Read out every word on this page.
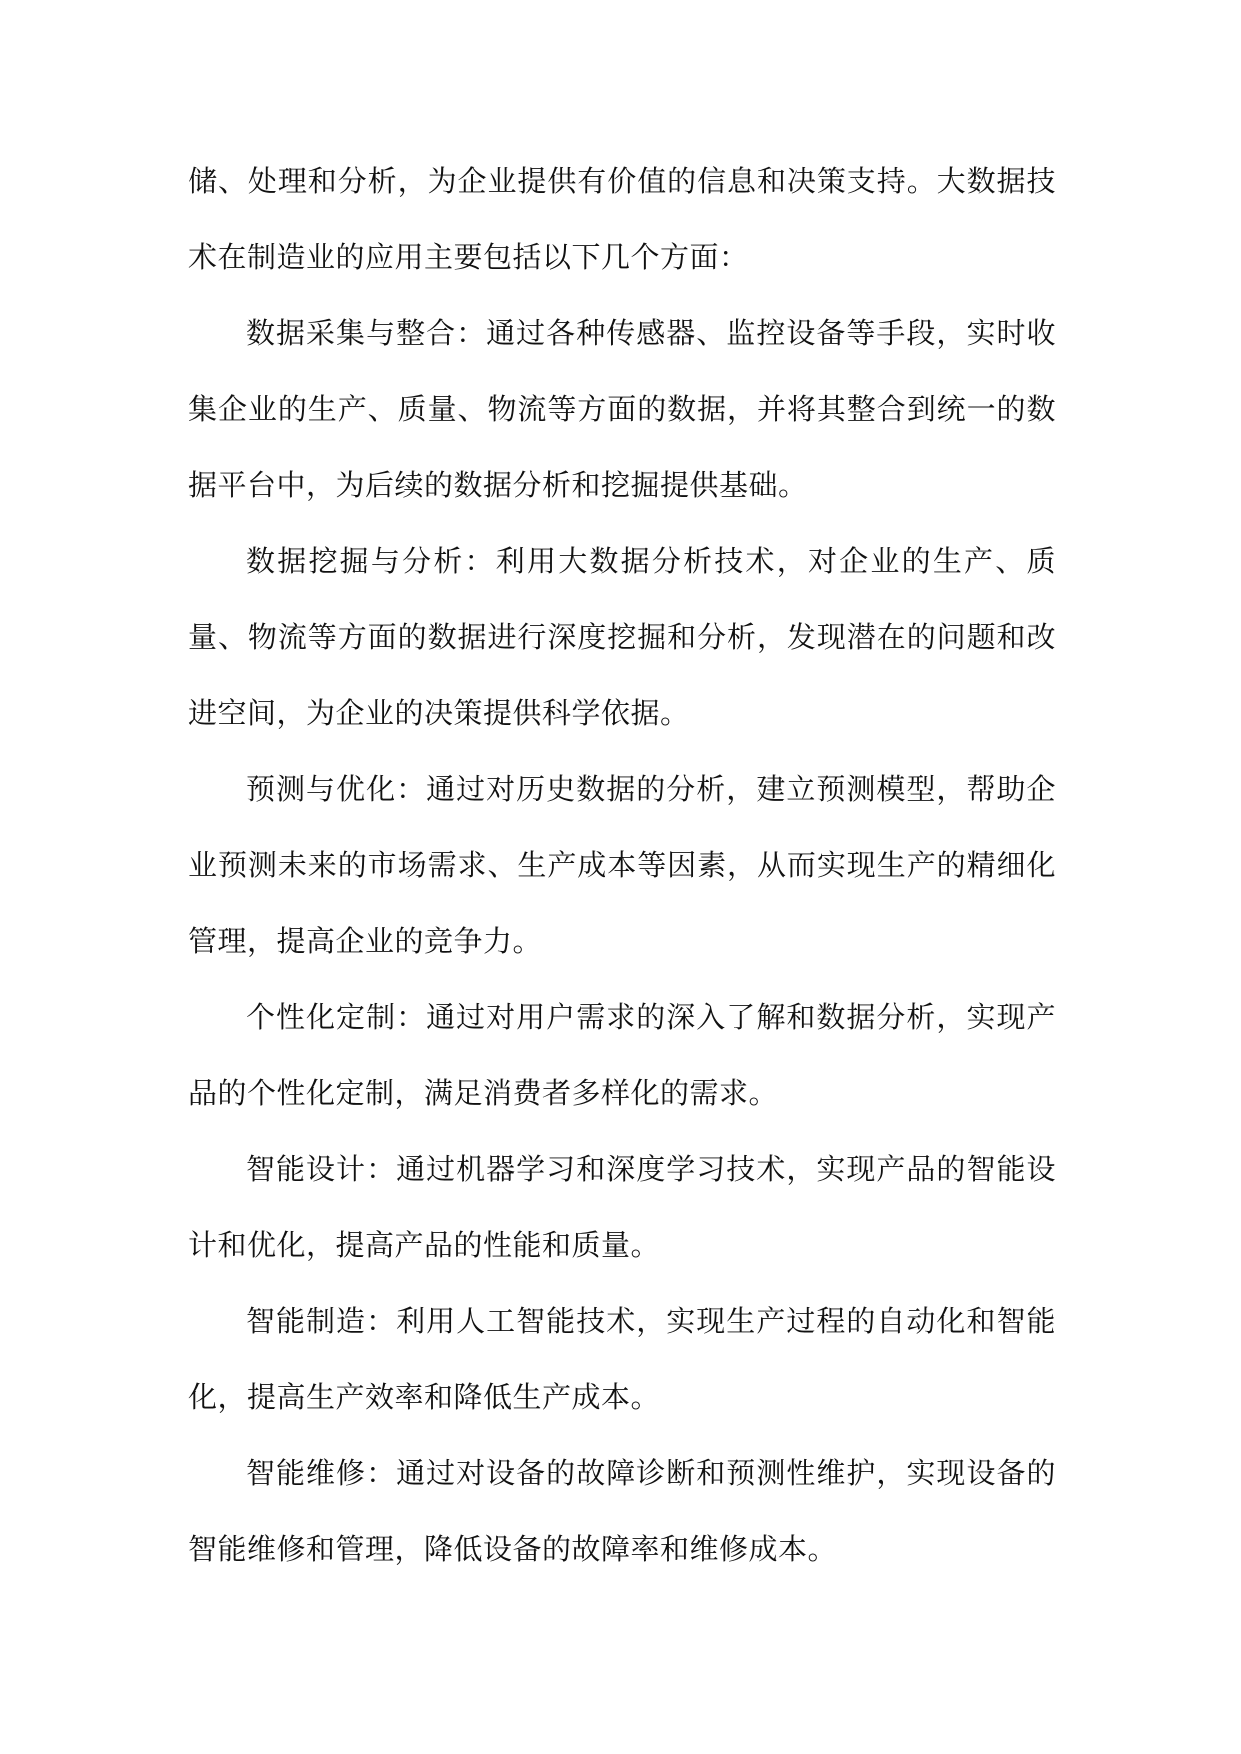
储、处理和分析，为企业提供有价值的信息和决策支持。大数据技术在制造业的应用主要包括以下几个方面：

数据采集与整合：通过各种传感器、监控设备等手段，实时收集企业的生产、质量、物流等方面的数据，并将其整合到统一的数据平台中，为后续的数据分析和挖掘提供基础。

数据挖掘与分析：利用大数据分析技术，对企业的生产、质量、物流等方面的数据进行深度挖掘和分析，发现潜在的问题和改进空间，为企业的决策提供科学依据。

预测与优化：通过对历史数据的分析，建立预测模型，帮助企业预测未来的市场需求、生产成本等因素，从而实现生产的精细化管理，提高企业的竞争力。

个性化定制：通过对用户需求的深入了解和数据分析，实现产品的个性化定制，满足消费者多样化的需求。

智能设计：通过机器学习和深度学习技术，实现产品的智能设计和优化，提高产品的性能和质量。

智能制造：利用人工智能技术，实现生产过程的自动化和智能化，提高生产效率和降低生产成本。

智能维修：通过对设备的故障诊断和预测性维护，实现设备的智能维修和管理，降低设备的故障率和维修成本。
